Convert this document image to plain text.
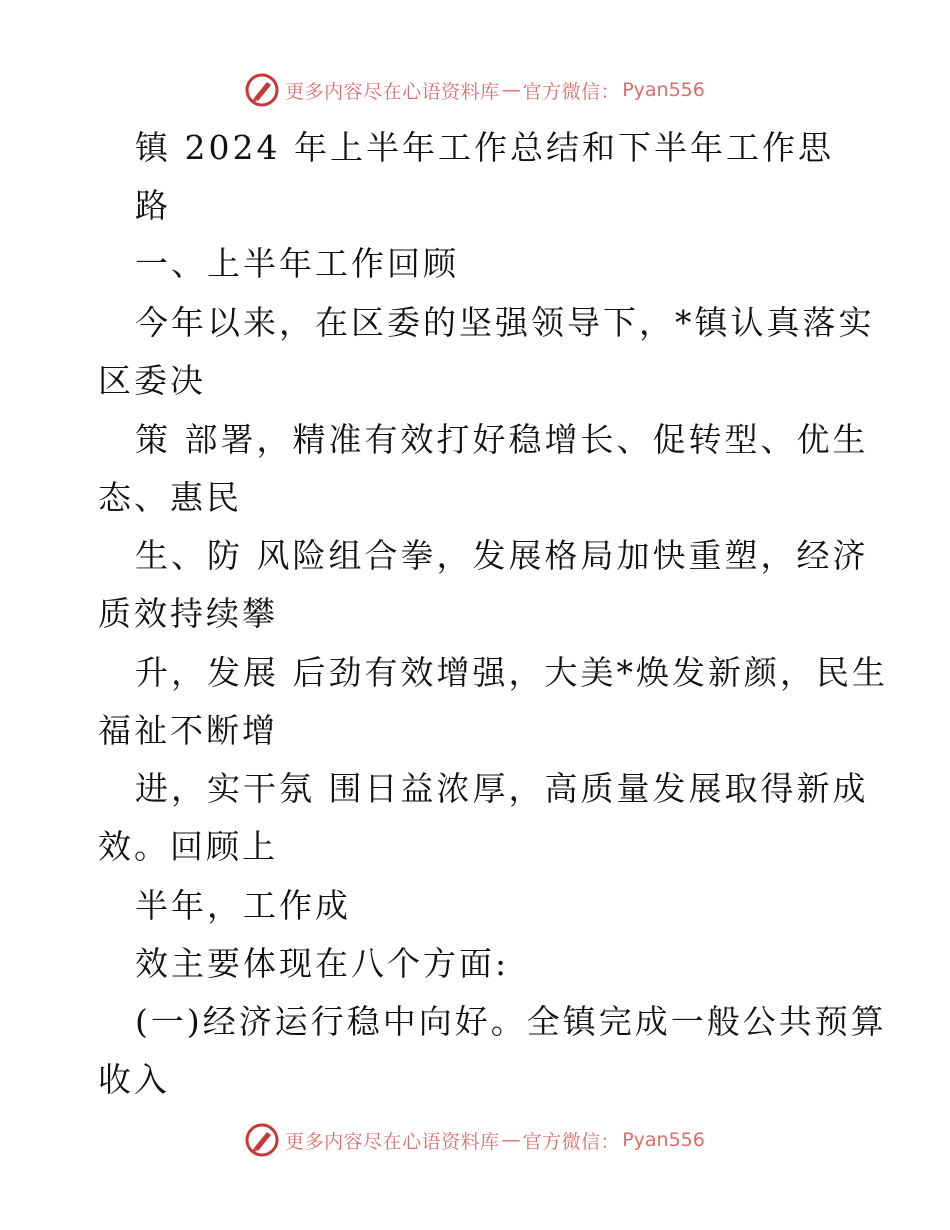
更多内容尽在心语资料库 — 官方微信： Pyan556
镇 2024 年上半年工作总结和下半年工作思
路
一、上半年工作回顾
今年以来，在区委的坚强领导下，*镇认真落实
区委决
策 部署，精准有效打好稳增长、促转型、优生
态、惠民
生、防 风险组合拳，发展格局加快重塑，经济
质效持续攀
升，发展 后劲有效增强，大美*焕发新颜，民生
福祉不断增
进，实干氛 围日益浓厚，高质量发展取得新成
效。回顾上
半年，工作成
效主要体现在八个方面:
(一)经济运行稳中向好。全镇完成一般公共预算
收入
更多内容尽在心语资料库 — 官方微信： Pyan556
